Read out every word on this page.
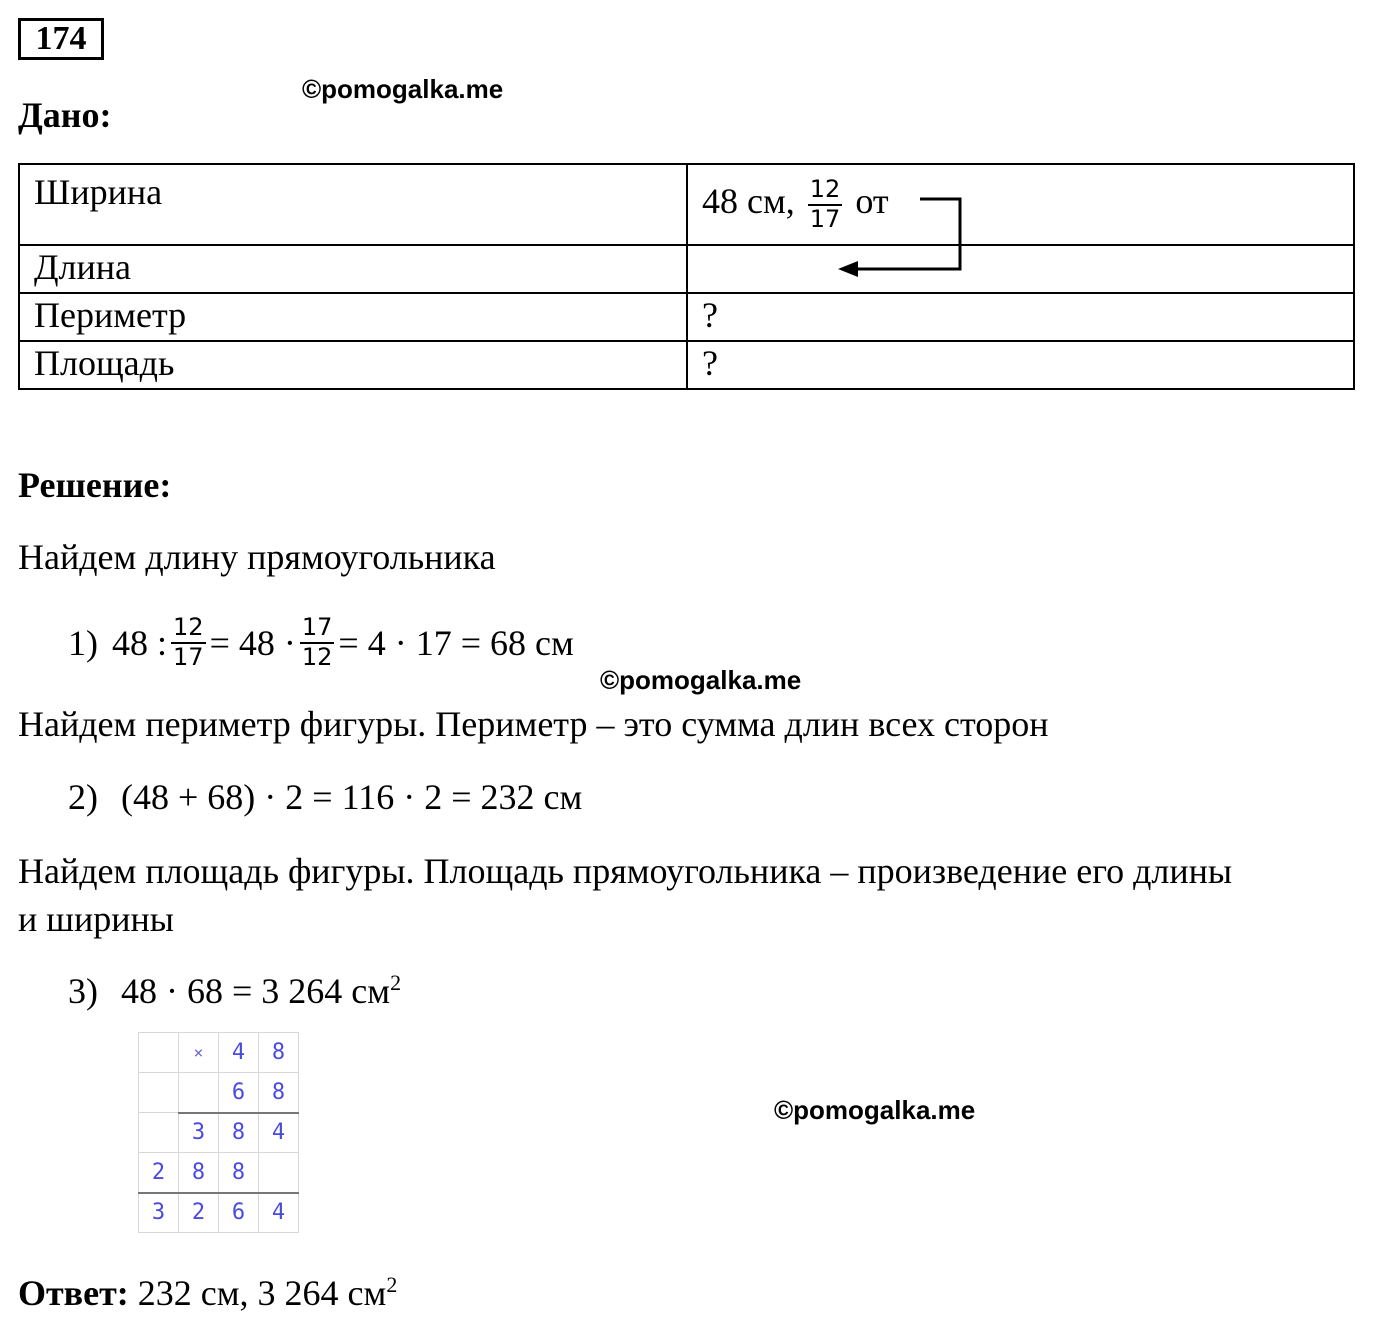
174
©pomogalka.me
Дано:
Ширина	48 см, $\frac{12}{17}$ от
Длина	
Периметр	?
Площадь	?
Решение:
Найдем длину прямоугольника
1) 48 : $\frac{12}{17} = 48 \cdot \frac{17}{12} = 4 \cdot 17 = 68$ см
©pomogalka.me
Найдем периметр фигуры. Периметр – это сумма длин всех сторон
2) (48 + 68) · 2 = 116 · 2 = 232 см
Найдем площадь фигуры. Площадь прямоугольника – произведение его длины
и ширины
3) 48 · 68 = 3 264 $см^2$
	×	4	8
		6	8
	3	8	4
2	8	8	
3	2	6	4
©pomogalka.me
Ответ: 232 см, 3 264 $см^2$
